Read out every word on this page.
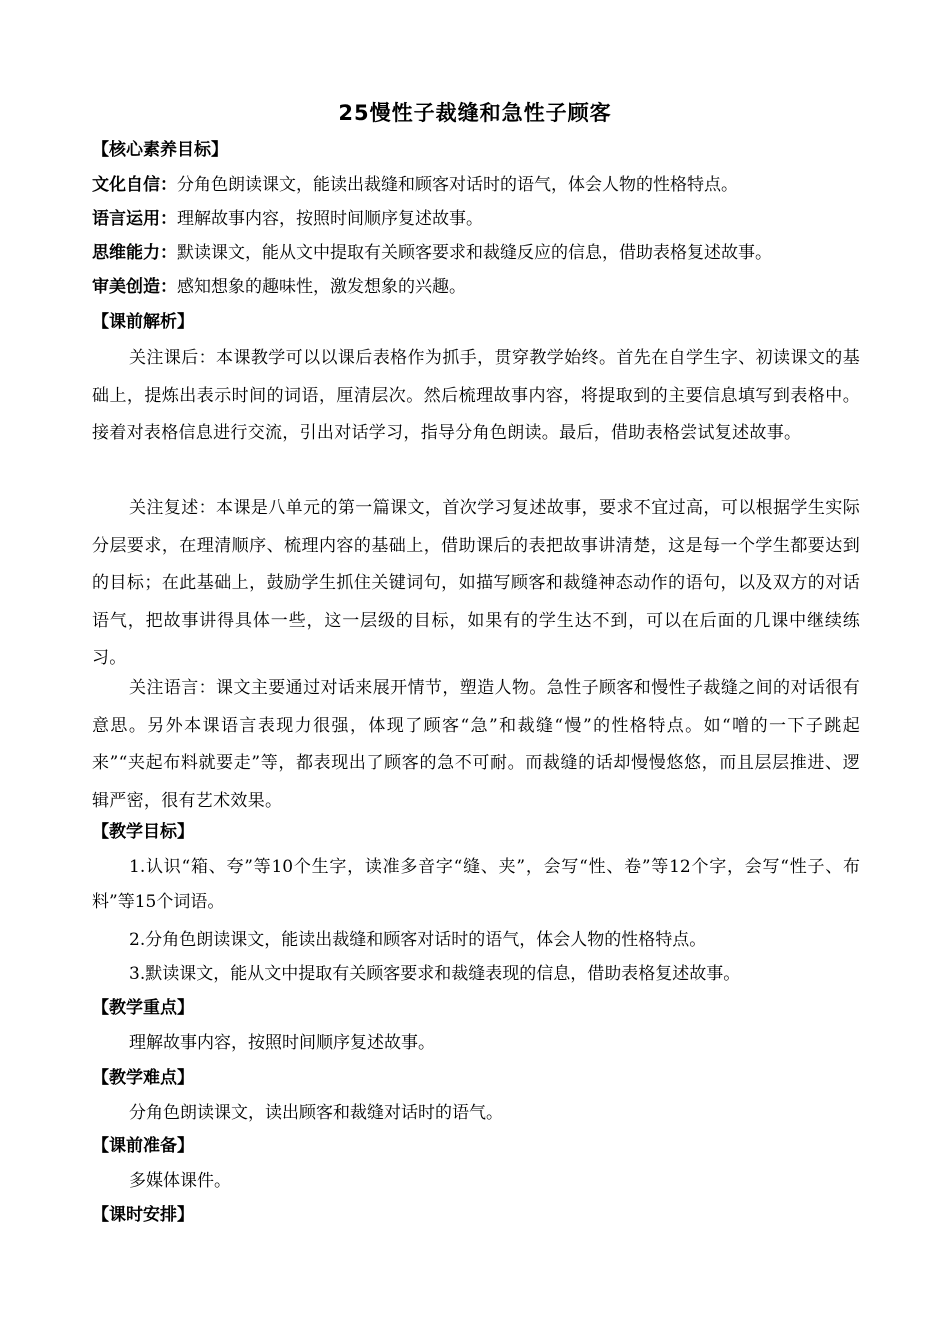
25慢性子裁缝和急性子顾客
【核心素养目标】
文化自信：分角色朗读课文，能读出裁缝和顾客对话时的语气，体会人物的性格特点。
语言运用：理解故事内容，按照时间顺序复述故事。
思维能力：默读课文，能从文中提取有关顾客要求和裁缝反应的信息，借助表格复述故事。
审美创造：感知想象的趣味性，激发想象的兴趣。
【课前解析】
关注课后：本课教学可以以课后表格作为抓手，贯穿教学始终。首先在自学生字、初读课文的基础上，提炼出表示时间的词语，厘清层次。然后梳理故事内容，将提取到的主要信息填写到表格中。接着对表格信息进行交流，引出对话学习，指导分角色朗读。最后，借助表格尝试复述故事。
关注复述：本课是八单元的第一篇课文，首次学习复述故事，要求不宜过高，可以根据学生实际分层要求，在理清顺序、梳理内容的基础上，借助课后的表把故事讲清楚，这是每一个学生都要达到的目标；在此基础上，鼓励学生抓住关键词句，如描写顾客和裁缝神态动作的语句，以及双方的对话语气，把故事讲得具体一些，这一层级的目标，如果有的学生达不到，可以在后面的几课中继续练习。
关注语言：课文主要通过对话来展开情节，塑造人物。急性子顾客和慢性子裁缝之间的对话很有意思。另外本课语言表现力很强，体现了顾客“急”和裁缝“慢”的性格特点。如“噌的一下子跳起来”“夹起布料就要走”等，都表现出了顾客的急不可耐。而裁缝的话却慢慢悠悠，而且层层推进、逻辑严密，很有艺术效果。
【教学目标】
1.认识“箱、夸”等10个生字，读准多音字“缝、夹”，会写“性、卷”等12个字，会写“性子、布料”等15个词语。
2.分角色朗读课文，能读出裁缝和顾客对话时的语气，体会人物的性格特点。
3.默读课文，能从文中提取有关顾客要求和裁缝表现的信息，借助表格复述故事。
【教学重点】
理解故事内容，按照时间顺序复述故事。
【教学难点】
分角色朗读课文，读出顾客和裁缝对话时的语气。
【课前准备】
多媒体课件。
【课时安排】
